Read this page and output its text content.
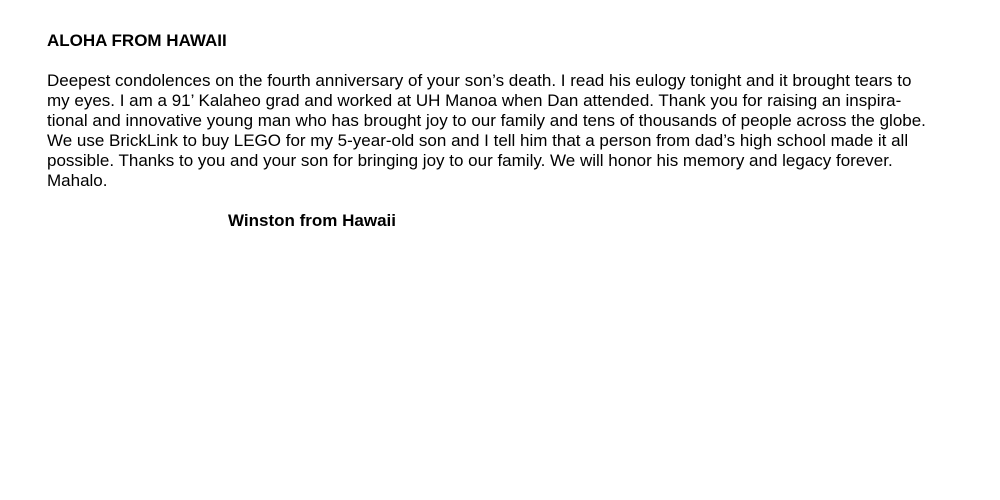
ALOHA FROM HAWAII
Deepest condolences on the fourth anniversary of your son’s death. I read his eulogy tonight and it brought tears to
my eyes. I am a 91’ Kalaheo grad and worked at UH Manoa when Dan attended. Thank you for raising an inspira-
tional and innovative young man who has brought joy to our family and tens of thousands of people across the globe.
We use BrickLink to buy LEGO for my 5-year-old son and I tell him that a person from dad’s high school made it all
possible. Thanks to you and your son for bringing joy to our family. We will honor his memory and legacy forever.
Mahalo.
Winston from Hawaii
